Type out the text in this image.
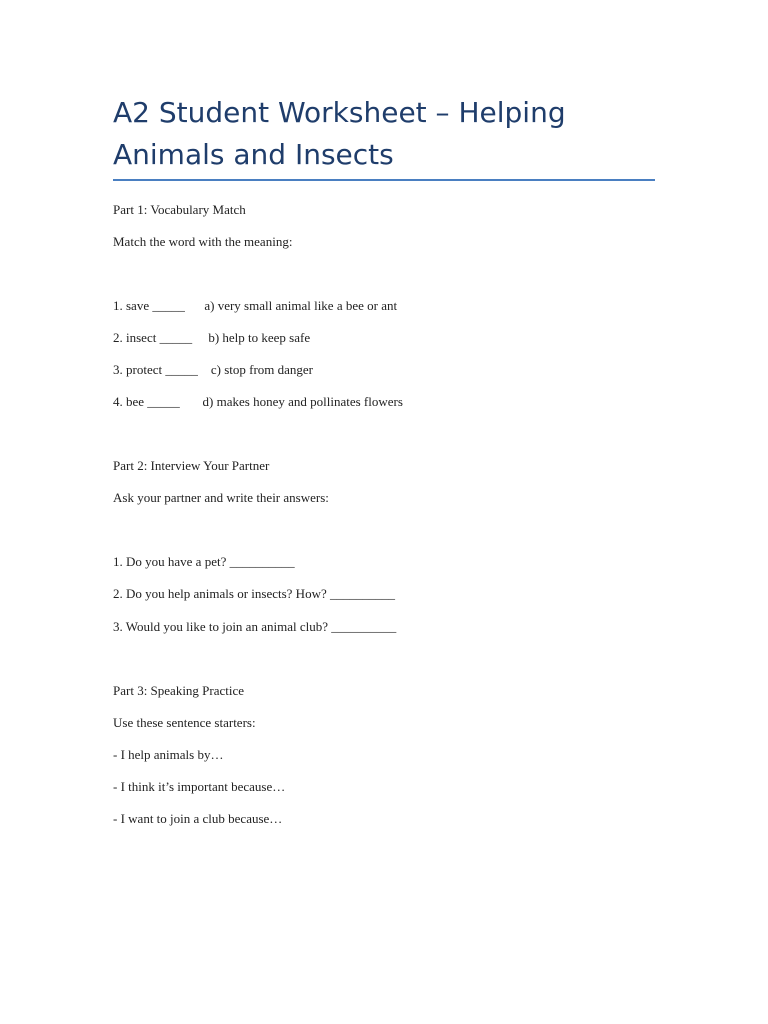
A2 Student Worksheet – Helping Animals and Insects
Part 1: Vocabulary Match
Match the word with the meaning:
1. save _____      a) very small animal like a bee or ant
2. insect _____     b) help to keep safe
3. protect _____    c) stop from danger
4. bee _____       d) makes honey and pollinates flowers
Part 2: Interview Your Partner
Ask your partner and write their answers:
1. Do you have a pet? __________
2. Do you help animals or insects? How? __________
3. Would you like to join an animal club? __________
Part 3: Speaking Practice
Use these sentence starters:
- I help animals by…
- I think it’s important because…
- I want to join a club because…
